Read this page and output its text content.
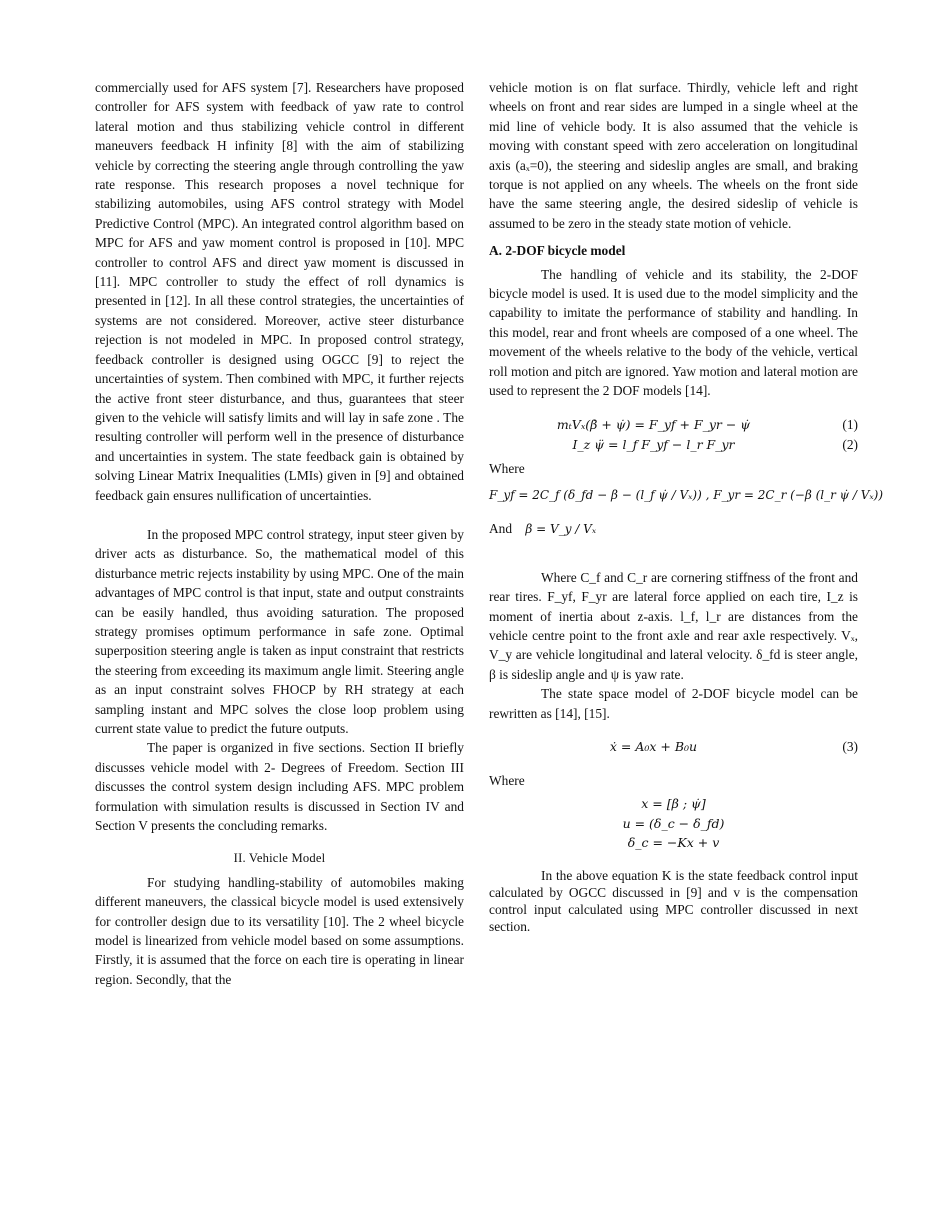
commercially used for AFS system [7]. Researchers have proposed controller for AFS system with feedback of yaw rate to control lateral motion and thus stabilizing vehicle control in different maneuvers feedback H infinity [8] with the aim of stabilizing vehicle by correcting the steering angle through controlling the yaw rate response. This research proposes a novel technique for stabilizing automobiles, using AFS control strategy with Model Predictive Control (MPC). An integrated control algorithm based on MPC for AFS and yaw moment control is proposed in [10]. MPC controller to control AFS and direct yaw moment is discussed in [11]. MPC controller to study the effect of roll dynamics is presented in [12]. In all these control strategies, the uncertainties of systems are not considered. Moreover, active steer disturbance rejection is not modeled in MPC. In proposed control strategy, feedback controller is designed using OGCC [9] to reject the uncertainties of system. Then combined with MPC, it further rejects the active front steer disturbance, and thus, guarantees that steer given to the vehicle will satisfy limits and will lay in safe zone . The resulting controller will perform well in the presence of disturbance and uncertainties in system. The state feedback gain is obtained by solving Linear Matrix Inequalities (LMIs) given in [9] and obtained feedback gain ensures nullification of uncertainties.

In the proposed MPC control strategy, input steer given by driver acts as disturbance. So, the mathematical model of this disturbance metric rejects instability by using MPC. One of the main advantages of MPC control is that input, state and output constraints can be easily handled, thus avoiding saturation. The proposed strategy promises optimum performance in safe zone. Optimal superposition steering angle is taken as input constraint that restricts the steering from exceeding its maximum angle limit. Steering angle as an input constraint solves FHOCP by RH strategy at each sampling instant and MPC solves the close loop problem using current state value to predict the future outputs.

The paper is organized in five sections. Section II briefly discusses vehicle model with 2- Degrees of Freedom. Section III discusses the control system design including AFS. MPC problem formulation with simulation results is discussed in Section IV and Section V presents the concluding remarks.

II. Vehicle Model

For studying handling-stability of automobiles making different maneuvers, the classical bicycle model is used extensively for controller design due to its versatility [10]. The 2 wheel bicycle model is linearized from vehicle model based on some assumptions. Firstly, it is assumed that the force on each tire is operating in linear region. Secondly, that the

vehicle motion is on flat surface. Thirdly, vehicle left and right wheels on front and rear sides are lumped in a single wheel at the mid line of vehicle body. It is also assumed that the vehicle is moving with constant speed with zero acceleration on longitudinal axis (aₓ=0), the steering and sideslip angles are small, and braking torque is not applied on any wheels. The wheels on the front side have the same steering angle, the desired sideslip of vehicle is assumed to be zero in the steady state motion of vehicle.

A. 2-DOF bicycle model

The handling of vehicle and its stability, the 2-DOF bicycle model is used. It is used due to the model simplicity and the capability to imitate the performance of stability and handling. In this model, rear and front wheels are composed of a one wheel. The movement of the wheels relative to the body of the vehicle, vertical roll motion and pitch are ignored. Yaw motion and lateral motion are used to represent the 2 DOF models [14].

mₜVₓ(β̇ + ψ̇) = F_yf + F_yr − ψ̇	(1)
I_z ψ̈ = l_f F_yf − l_r F_yr	(2)
Where
F_yf = 2C_f (δ_fd − β − (l_f ψ̇ / Vₓ)) , F_yr = 2C_r (−β (l_r ψ̇ / Vₓ))
And β = V_y / Vₓ

Where C_f and C_r are cornering stiffness of the front and rear tires. F_yf, F_yr are lateral force applied on each tire, I_z is moment of inertia about z-axis. l_f, l_r are distances from the vehicle centre point to the front axle and rear axle respectively. Vₓ, V_y are vehicle longitudinal and lateral velocity. δ_fd is steer angle, β is sideslip angle and ψ is yaw rate.

The state space model of 2-DOF bicycle model can be rewritten as [14], [15].

ẋ = A₀x + B₀u	(3)
Where
x = [β ; ψ̇]
u = (δ_c − δ_fd)
δ_c = −Kx + v

In the above equation K is the state feedback control input calculated by OGCC discussed in [9] and v is the compensation control input calculated using MPC controller discussed in next section.
